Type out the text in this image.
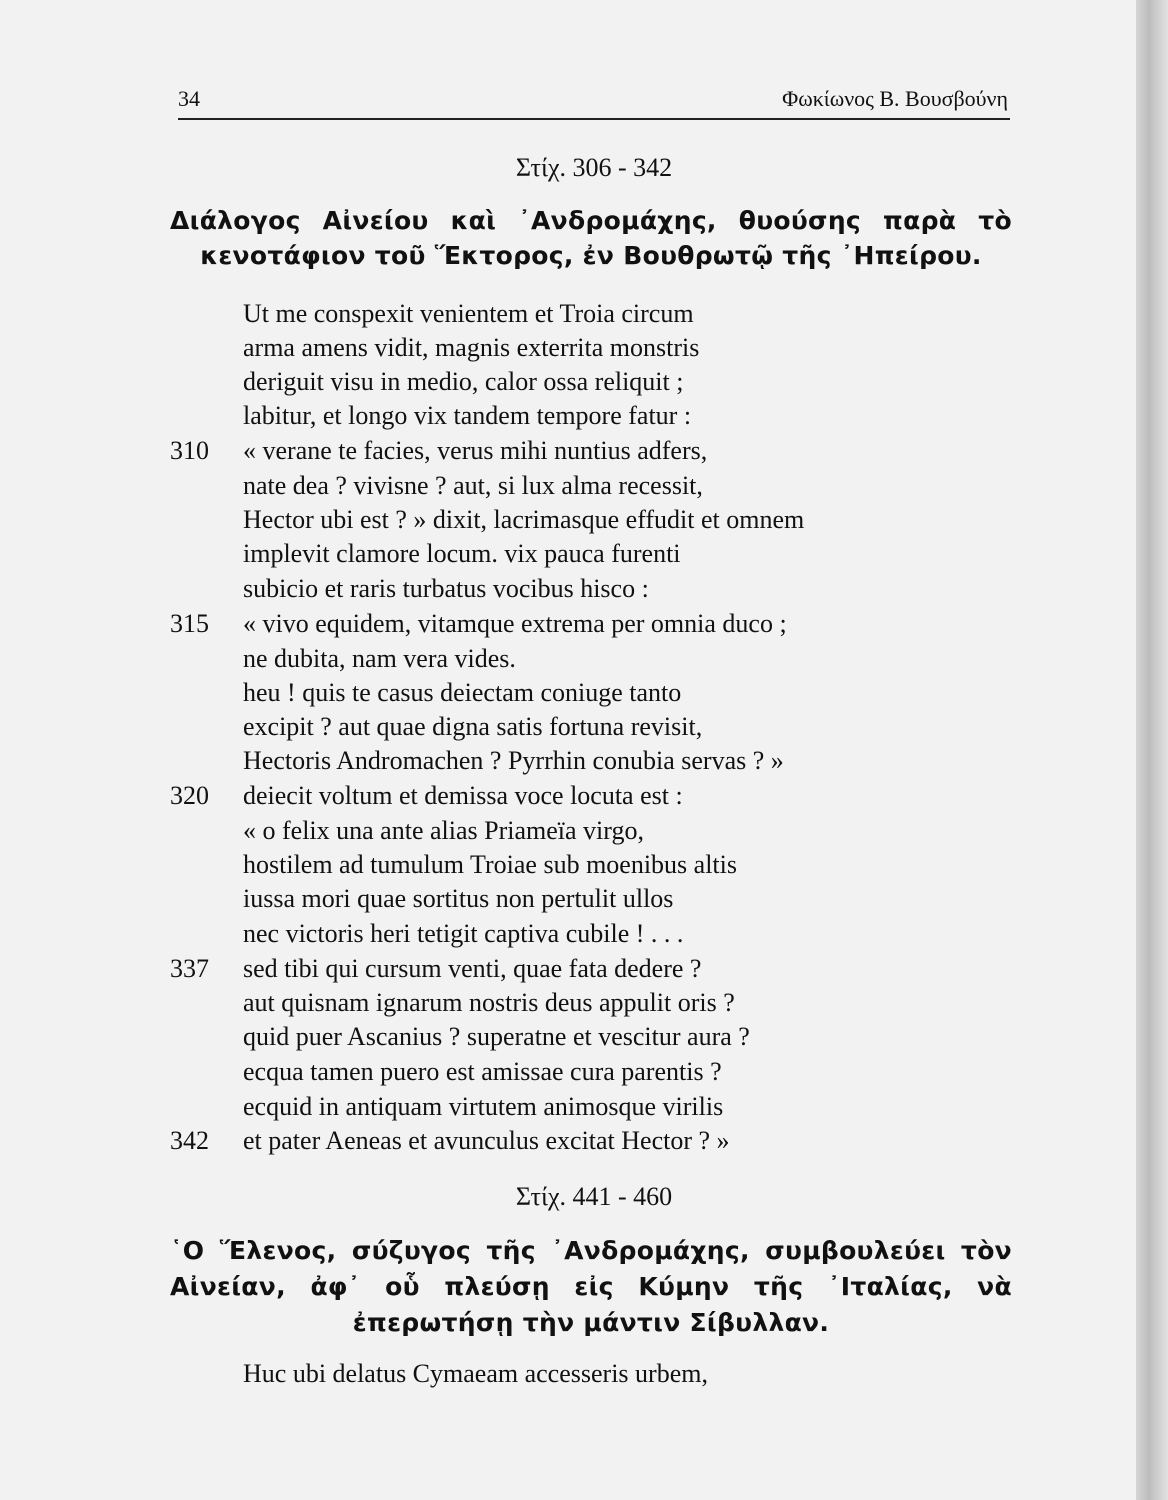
34	Φωκίωνος Β. Βουσβούνη
Στίχ. 306 - 342
Διάλογος Αἰνείου καὶ ᾿Ανδρομάχης, θυούσης παρὰ τὸ κενοτάφιον τοῦ Ἕκτορος, ἐν Βουθρωτῷ τῆς ᾿Ηπείρου.
Ut me conspexit venientem et Troia circum
arma amens vidit, magnis exterrita monstris
deriguit visu in medio, calor ossa reliquit ;
labitur, et longo vix tandem tempore fatur :
« verane te facies, verus mihi nuntius adfers,
nate dea ? vivisne ? aut, si lux alma recessit,
Hector ubi est ? » dixit, lacrimasque effudit et omnem
implevit clamore locum. vix pauca furenti
subicio et raris turbatus vocibus hisco :
« vivo equidem, vitamque extrema per omnia duco ;
ne dubita, nam vera vides.
heu ! quis te casus deiectam coniuge tanto
excipit ? aut quae digna satis fortuna revisit,
Hectoris Andromachen ? Pyrrhin conubia servas ? »
deiecit voltum et demissa voce locuta est :
« o felix una ante alias Priameïa virgo,
hostilem ad tumulum Troiae sub moenibus altis
iussa mori quae sortitus non pertulit ullos
nec victoris heri tetigit captiva cubile ! . . .
sed tibi qui cursum venti, quae fata dedere ?
aut quisnam ignarum nostris deus appulit oris ?
quid puer Ascanius ? superatne et vescitur aura ?
ecqua tamen puero est amissae cura parentis ?
ecquid in antiquam virtutem animosque virilis
et pater Aeneas et avunculus excitat Hector ? »
310
315
320
337
342
Στίχ. 441 - 460
῾Ο Ἕλενος, σύζυγος τῆς ᾿Ανδρομάχης, συμβουλεύει τὸν Αἰνείαν, ἀφ᾿ οὗ πλεύσῃ εἰς Κύμην τῆς ᾿Ιταλίας, νὰ ἐπερωτήσῃ τὴν μάντιν Σίβυλλαν.
Huc ubi delatus Cymaeam accesseris urbem,
